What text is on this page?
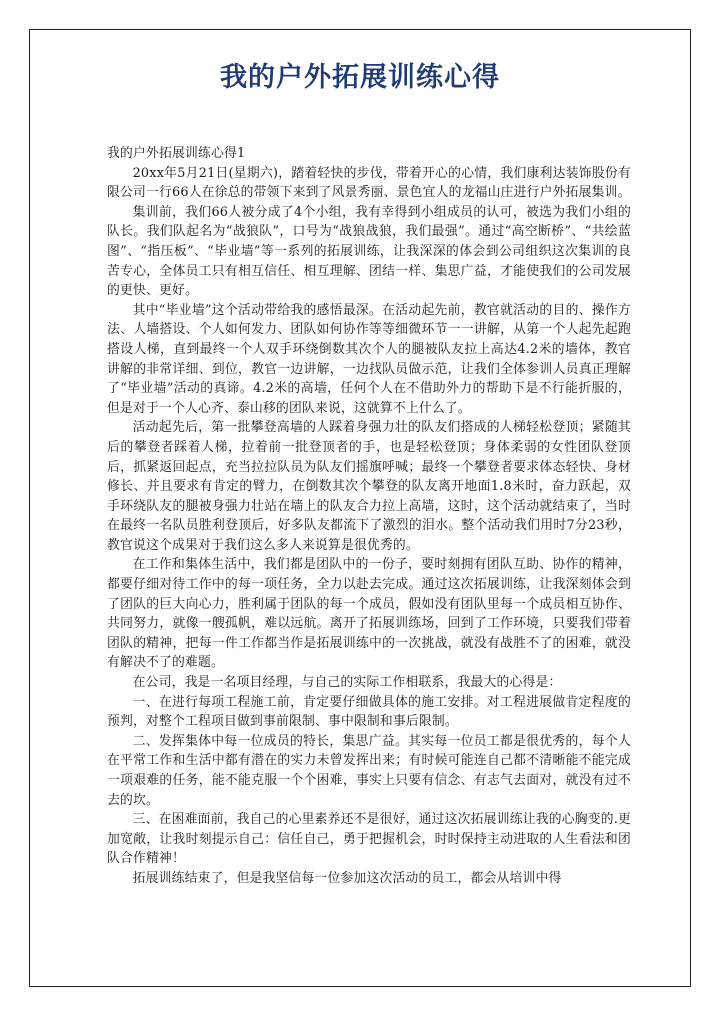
我的户外拓展训练心得

我的户外拓展训练心得1

20xx年5月21日(星期六)，踏着轻快的步伐，带着开心的心情，我们康利达装饰股份有限公司一行66人在徐总的带领下来到了风景秀丽、景色宜人的龙福山庄进行户外拓展集训。

集训前，我们66人被分成了4个小组，我有幸得到小组成员的认可，被选为我们小组的队长。我们队起名为“战狼队”，口号为“战狼战狼，我们最强”。通过“高空断桥”、“共绘蓝图”、“指压板”、“毕业墙”等一系列的拓展训练，让我深深的体会到公司组织这次集训的良苦专心，全体员工只有相互信任、相互理解、团结一样、集思广益，才能使我们的公司发展的更快、更好。

其中“毕业墙”这个活动带给我的感悟最深。在活动起先前，教官就活动的目的、操作方法、人墙搭设、个人如何发力、团队如何协作等等细微环节一一讲解，从第一个人起先起跑搭设人梯，直到最终一个人双手环绕倒数其次个人的腿被队友拉上高达4.2米的墙体，教官讲解的非常详细、到位，教官一边讲解，一边找队员做示范，让我们全体参训人员真正理解了“毕业墙”活动的真谛。4.2米的高墙，任何个人在不借助外力的帮助下是不行能折服的，但是对于一个人心齐、泰山移的团队来说，这就算不上什么了。

活动起先后，第一批攀登高墙的人踩着身强力壮的队友们搭成的人梯轻松登顶；紧随其后的攀登者踩着人梯，拉着前一批登顶者的手，也是轻松登顶；身体柔弱的女性团队登顶后，抓紧返回起点，充当拉拉队员为队友们摇旗呼喊；最终一个攀登者要求体态轻快、身材修长、并且要求有肯定的臂力，在倒数其次个攀登的队友离开地面1.8米时，奋力跃起，双手环绕队友的腿被身强力壮站在墙上的队友合力拉上高墙，这时，这个活动就结束了，当时在最终一名队员胜利登顶后，好多队友都流下了激烈的泪水。整个活动我们用时7分23秒，教官说这个成果对于我们这么多人来说算是很优秀的。

在工作和集体生活中，我们都是团队中的一份子，要时刻拥有团队互助、协作的精神，都要仔细对待工作中的每一项任务，全力以赴去完成。通过这次拓展训练，让我深刻体会到了团队的巨大向心力，胜利属于团队的每一个成员，假如没有团队里每一个成员相互协作、共同努力，就像一艘孤帆，难以远航。离开了拓展训练场，回到了工作环境，只要我们带着团队的精神，把每一件工作都当作是拓展训练中的一次挑战，就没有战胜不了的困难，就没有解决不了的难题。

在公司，我是一名项目经理，与自己的实际工作相联系，我最大的心得是：

一、在进行每项工程施工前，肯定要仔细做具体的施工安排。对工程进展做肯定程度的预判，对整个工程项目做到事前限制、事中限制和事后限制。

二、发挥集体中每一位成员的特长，集思广益。其实每一位员工都是很优秀的，每个人在平常工作和生活中都有潜在的实力未曾发挥出来；有时候可能连自己都不清晰能不能完成一项艰难的任务，能不能克服一个个困难，事实上只要有信念、有志气去面对，就没有过不去的坎。

三、在困难面前，我自己的心里素养还不是很好，通过这次拓展训练让我的心胸变的.更加宽敞，让我时刻提示自己：信任自己，勇于把握机会，时时保持主动进取的人生看法和团队合作精神！

拓展训练结束了，但是我坚信每一位参加这次活动的员工，都会从培训中得
